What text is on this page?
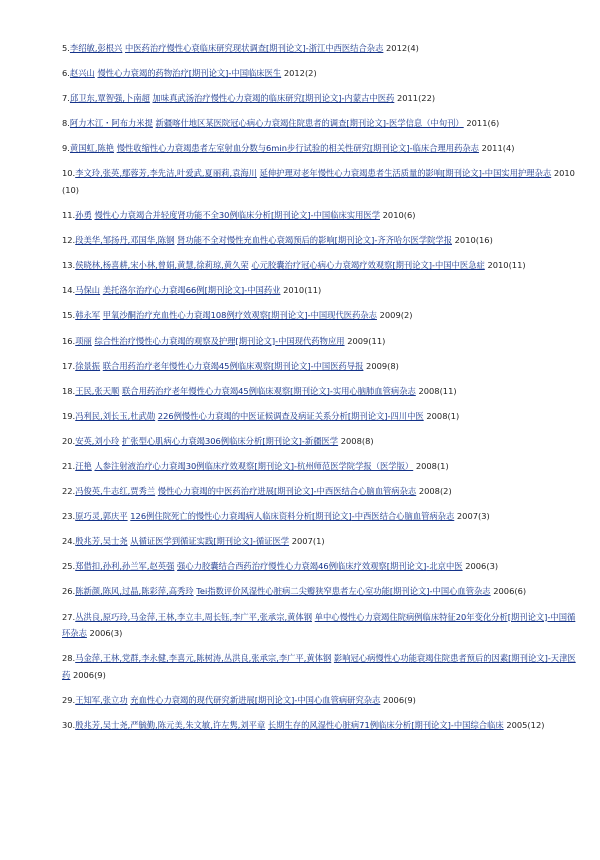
5.李绍敏,彭根兴 中医药治疗慢性心衰临床研究现状调查[期刊论文]-浙江中西医结合杂志 2012(4)

6.赵兴山 慢性心力衰竭的药物治疗[期刊论文]-中国临床医生 2012(2)

7.邱卫东,覃智强,卜南超 加味真武汤治疗慢性心力衰竭的临床研究[期刊论文]-内蒙古中医药 2011(22)

8.阿力木江・阿布力米提 新疆喀什地区某医院冠心病心力衰竭住院患者的调查[期刊论文]-医学信息（中旬刊） 2011(6)

9.黄国虹,陈艳 慢性收缩性心力衰竭患者左室射血分数与6min步行试验的相关性研究[期刊论文]-临床合理用药杂志 2011(4)

10.李文玲,张英,鄢蓉芳,李先洁,叶爱武,夏丽莉,袁海川 延伸护理对老年慢性心力衰竭患者生活质量的影响[期刊论文]-中国实用护理杂志 2010(10)

11.孙勇 慢性心力衰竭合并轻度肾功能不全30例临床分析[期刊论文]-中国临床实用医学 2010(6)

12.段美华,邹扬丹,邓国华,陈钢 肾功能不全对慢性充血性心衰竭预后的影响[期刊论文]-齐齐哈尔医学院学报 2010(16)

13.侯晓林,杨喜耕,宋小林,曾娟,黄慧,徐莉琼,黄久荣 心元胶囊治疗冠心病心力衰竭疗效观察[期刊论文]-中国中医急症 2010(11)

14.马保山 美托洛尔治疗心力衰竭66例[期刊论文]-中国药业 2010(11)

15.韩永军 甲氧沙酮治疗充血性心力衰竭108例疗效观察[期刊论文]-中国现代医药杂志 2009(2)

16.项丽 综合性治疗慢性心力衰竭的观察及护理[期刊论文]-中国现代药物应用 2009(11)

17.徐景振 联合用药治疗老年慢性心力衰竭45例临床观察[期刊论文]-中国医药导报 2009(8)

18.王民,张天顺 联合用药治疗老年慢性心力衰竭45例临床观察[期刊论文]-实用心脑肺血管病杂志 2008(11)

19.冯利民,刘长玉,杜武勋 226例慢性心力衰竭的中医证候调查及病证关系分析[期刊论文]-四川中医 2008(1)

20.安英,刘小玲 扩张型心肌病心力衰竭306例临床分析[期刊论文]-新疆医学 2008(8)

21.汪艳 人参注射液治疗心力衰竭30例临床疗效观察[期刊论文]-杭州师范医学院学报（医学版） 2008(1)

22.冯俊英,牛志红,贾秀兰 慢性心力衰竭的中医药治疗进展[期刊论文]-中西医结合心脑血管病杂志 2008(2)

23.原巧灵,郭庆平 126例住院死亡的慢性心力衰竭病人临床资料分析[期刊论文]-中西医结合心脑血管病杂志 2007(3)

24.殷兆芳,吴士尧 从循证医学到循证实践[期刊论文]-循证医学 2007(1)

25.郑借扣,孙利,孙兰军,赵英强 强心力胶囊结合西药治疗慢性心力衰竭46例临床疗效观察[期刊论文]-北京中医 2006(3)

26.陈新颜,陈风,过晶,陈彩萍,高秀玲 Tei指数评价风湿性心脏病二尖瓣狭窄患者左心室功能[期刊论文]-中国心血管杂志 2006(6)

27.丛洪良,原巧玲,马金萍,王林,李立丰,周长钰,李广平,张承宗,黄体钢 单中心慢性心力衰竭住院病例临床特征20年变化分析[期刊论文]-中国循环杂志 2006(3)

28.马金萍,王林,党群,李永健,李喜元,陈树涛,丛洪良,张承宗,李广平,黄体钢 影响冠心病慢性心功能衰竭住院患者预后的因素[期刊论文]-天津医药 2006(9)

29.王知军,张立功 充血性心力衰竭的现代研究新进展[期刊论文]-中国心血管病研究杂志 2006(9)

30.殷兆芳,吴士尧,严毓勤,陈元美,朱文敏,许左隽,刘平章 长期生存的风湿性心脏病71例临床分析[期刊论文]-中国综合临床 2005(12)
